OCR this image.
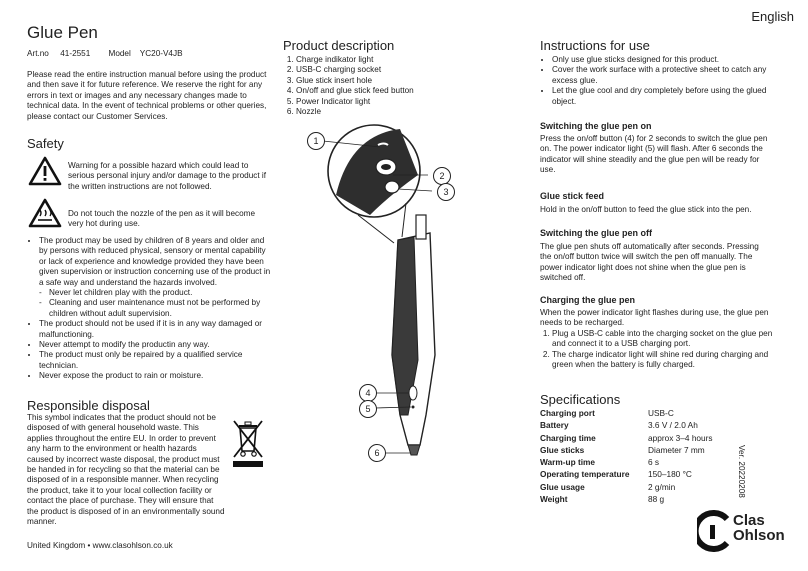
English
Glue Pen
Art.no 41-2551 Model YC20-V4JB
Please read the entire instruction manual before using the product and then save it for future reference. We reserve the right for any errors in text or images and any necessary changes made to technical data. In the event of technical problems or other queries, please contact our Customer Services.
Safety
Warning for a possible hazard which could lead to serious personal injury and/or damage to the product if the written instructions are not followed.
Do not touch the nozzle of the pen as it will become very hot during use.
• The product may be used by children of 8 years and older and by persons with reduced physical, sensory or mental capability or lack of experience and knowledge provided they have been given supervision or instruction concerning use of the product in a safe way and understand the hazards involved.
- Never let children play with the product.
- Cleaning and user maintenance must not be performed by children without adult supervision.
• The product should not be used if it is in any way damaged or malfunctioning.
• Never attempt to modify the productin any way.
• The product must only be repaired by a qualified service technician.
• Never expose the product to rain or moisture.
Responsible disposal
This symbol indicates that the product should not be disposed of with general household waste. This applies throughout the entire EU. In order to prevent any harm to the environment or health hazards caused by incorrect waste disposal, the product must be handed in for recycling so that the material can be disposed of in a responsible manner. When recycling the product, take it to your local collection facility or contact the place of purchase. They will ensure that the product is disposed of in an environmentally sound manner.
United Kingdom • www.clasohlson.co.uk
Product description
1. Charge indikator light
2. USB-C charging socket
3. Glue stick insert hole
4. On/off and glue stick feed button
5. Power Indicator light
6. Nozzle
1
2
3
4
5
6
Instructions for use
• Only use glue sticks designed for this product.
• Cover the work surface with a protective sheet to catch any excess glue.
• Let the glue cool and dry completely before using the glued object.
Switching the glue pen on
Press the on/off button (4) for 2 seconds to switch the glue pen on. The power indicator light (5) will flash. After 6 seconds the indicator will shine steadily and the glue pen will be ready for use.
Glue stick feed
Hold in the on/off button to feed the glue stick into the pen.
Switching the glue pen off
The glue pen shuts off automatically after seconds. Pressing the on/off button twice will switch the pen off manually. The power indicator light does not shine when the glue pen is switched off.
Charging the glue pen
When the power indicator light flashes during use, the glue pen needs to be recharged.
1. Plug a USB-C cable into the charging socket on the glue pen and connect it to a USB charging port.
2. The charge indicator light will shine red during charging and green when the battery is fully charged.
Specifications
Charging port	USB-C
Battery	3.6 V / 2.0 Ah
Charging time	approx 3–4 hours
Glue sticks	Diameter 7 mm
Warm-up time	6 s
Operating temperature	150–180 °C
Glue usage	2 g/min
Weight	88 g
Ver. 20220208
Clas
Ohlson
